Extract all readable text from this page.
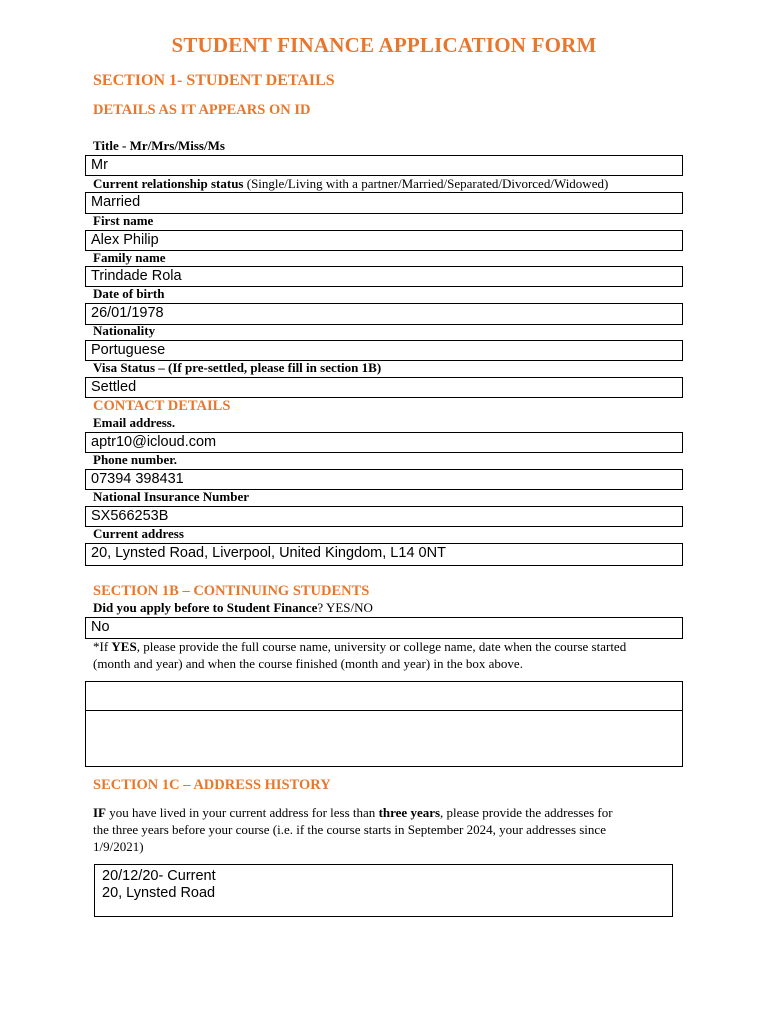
STUDENT FINANCE APPLICATION FORM
SECTION 1- STUDENT DETAILS
DETAILS AS IT APPEARS ON ID
Title - Mr/Mrs/Miss/Ms
Mr
Current relationship status (Single/Living with a partner/Married/Separated/Divorced/Widowed)
Married
First name
Alex Philip
Family name
Trindade Rola
Date of birth
26/01/1978
Nationality
Portuguese
Visa Status – (If pre-settled, please fill in section 1B)
Settled
CONTACT DETAILS
Email address.
aptr10@icloud.com
Phone number.
07394 398431
National Insurance Number
SX566253B
Current address
20, Lynsted Road, Liverpool, United Kingdom, L14 0NT
SECTION 1B – CONTINUING STUDENTS
Did you apply before to Student Finance? YES/NO
No
*If YES, please provide the full course name, university or college name, date when the course started
(month and year) and when the course finished (month and year) in the box above.
SECTION 1C – ADDRESS HISTORY
IF you have lived in your current address for less than three years, please provide the addresses for
the three years before your course (i.e. if the course starts in September 2024, your addresses since
1/9/2021)
20/12/20- Current
20, Lynsted Road
